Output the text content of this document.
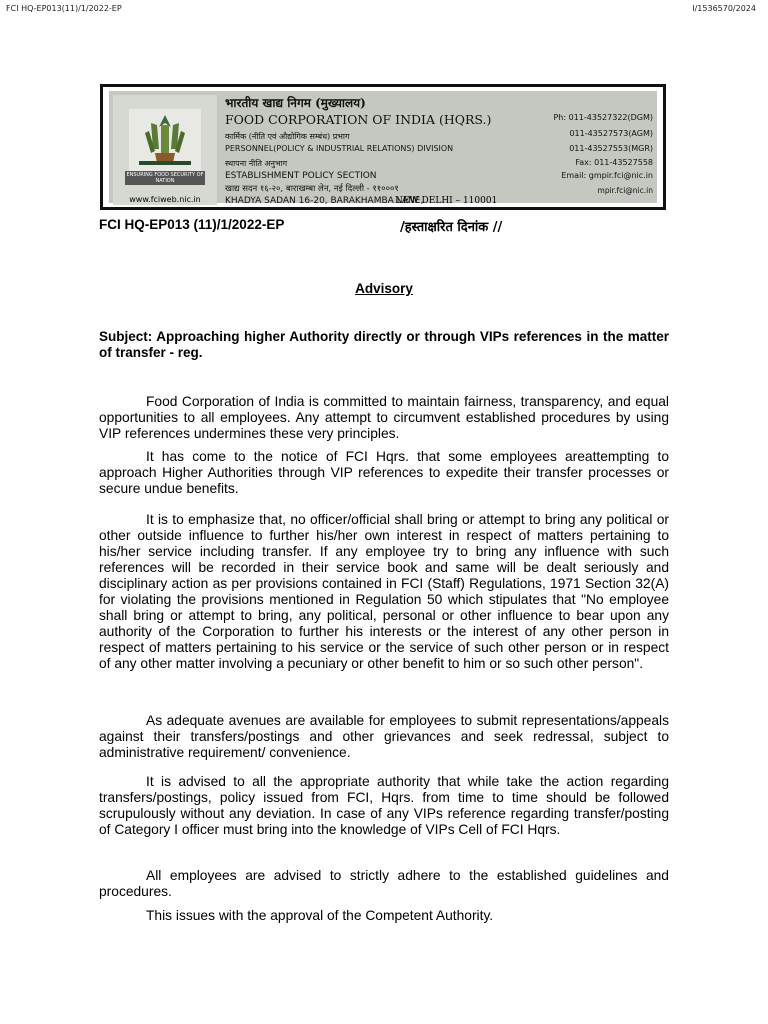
FCI HQ-EP013(11)/1/2022-EP	I/1536570/2024
ENSURING FOOD SECURITY OF NATION
www.fciweb.nic.in
भारतीय खाद्य निगम (मुख्यालय)
FOOD CORPORATION OF INDIA (HQRS.)
कार्मिक (नीति एवं औद्योगिक सम्बंध) प्रभाग
PERSONNEL(POLICY & INDUSTRIAL RELATIONS) DIVISION
स्थापना नीति अनुभाग
ESTABLISHMENT POLICY SECTION
खाद्य सदन १६-२०, बाराखम्बा लेन, नई दिल्ली - ११०००१
KHADYA SADAN 16-20, BARAKHAMBA LANE,
NEW DELHI – 110001
Ph: 011-43527322(DGM)
011-43527573(AGM)
011-43527553(MGR)
Fax: 011-43527558
Email: gmpir.fci@nic.in
mpir.fci@nic.in
FCI HQ-EP013 (11)/1/2022-EP	/हस्ताक्षरित दिनांक //
Advisory
Subject: Approaching higher Authority directly or through VIPs references in the matter of transfer - reg.

Food Corporation of India is committed to maintain fairness, transparency, and equal opportunities to all employees. Any attempt to circumvent established procedures by using VIP references undermines these very principles.

It has come to the notice of FCI Hqrs. that some employees areattempting to approach Higher Authorities through VIP references to expedite their transfer processes or secure undue benefits.

It is to emphasize that, no officer/official shall bring or attempt to bring any political or other outside influence to further his/her own interest in respect of matters pertaining to his/her service including transfer. If any employee try to bring any influence with such references will be recorded in their service book and same will be dealt seriously and disciplinary action as per provisions contained in FCI (Staff) Regulations, 1971 Section 32(A) for violating the provisions mentioned in Regulation 50 which stipulates that "No employee shall bring or attempt to bring, any political, personal or other influence to bear upon any authority of the Corporation to further his interests or the interest of any other person in respect of matters pertaining to his service or the service of such other person or in respect of any other matter involving a pecuniary or other benefit to him or so such other person".

As adequate avenues are available for employees to submit representations/appeals against their transfers/postings and other grievances and seek redressal, subject to administrative requirement/ convenience.

It is advised to all the appropriate authority that while take the action regarding transfers/postings, policy issued from FCI, Hqrs. from time to time should be followed scrupulously without any deviation. In case of any VIPs reference regarding transfer/posting of Category I officer must bring into the knowledge of VIPs Cell of FCI Hqrs.

All employees are advised to strictly adhere to the established guidelines and procedures.

This issues with the approval of the Competent Authority.
